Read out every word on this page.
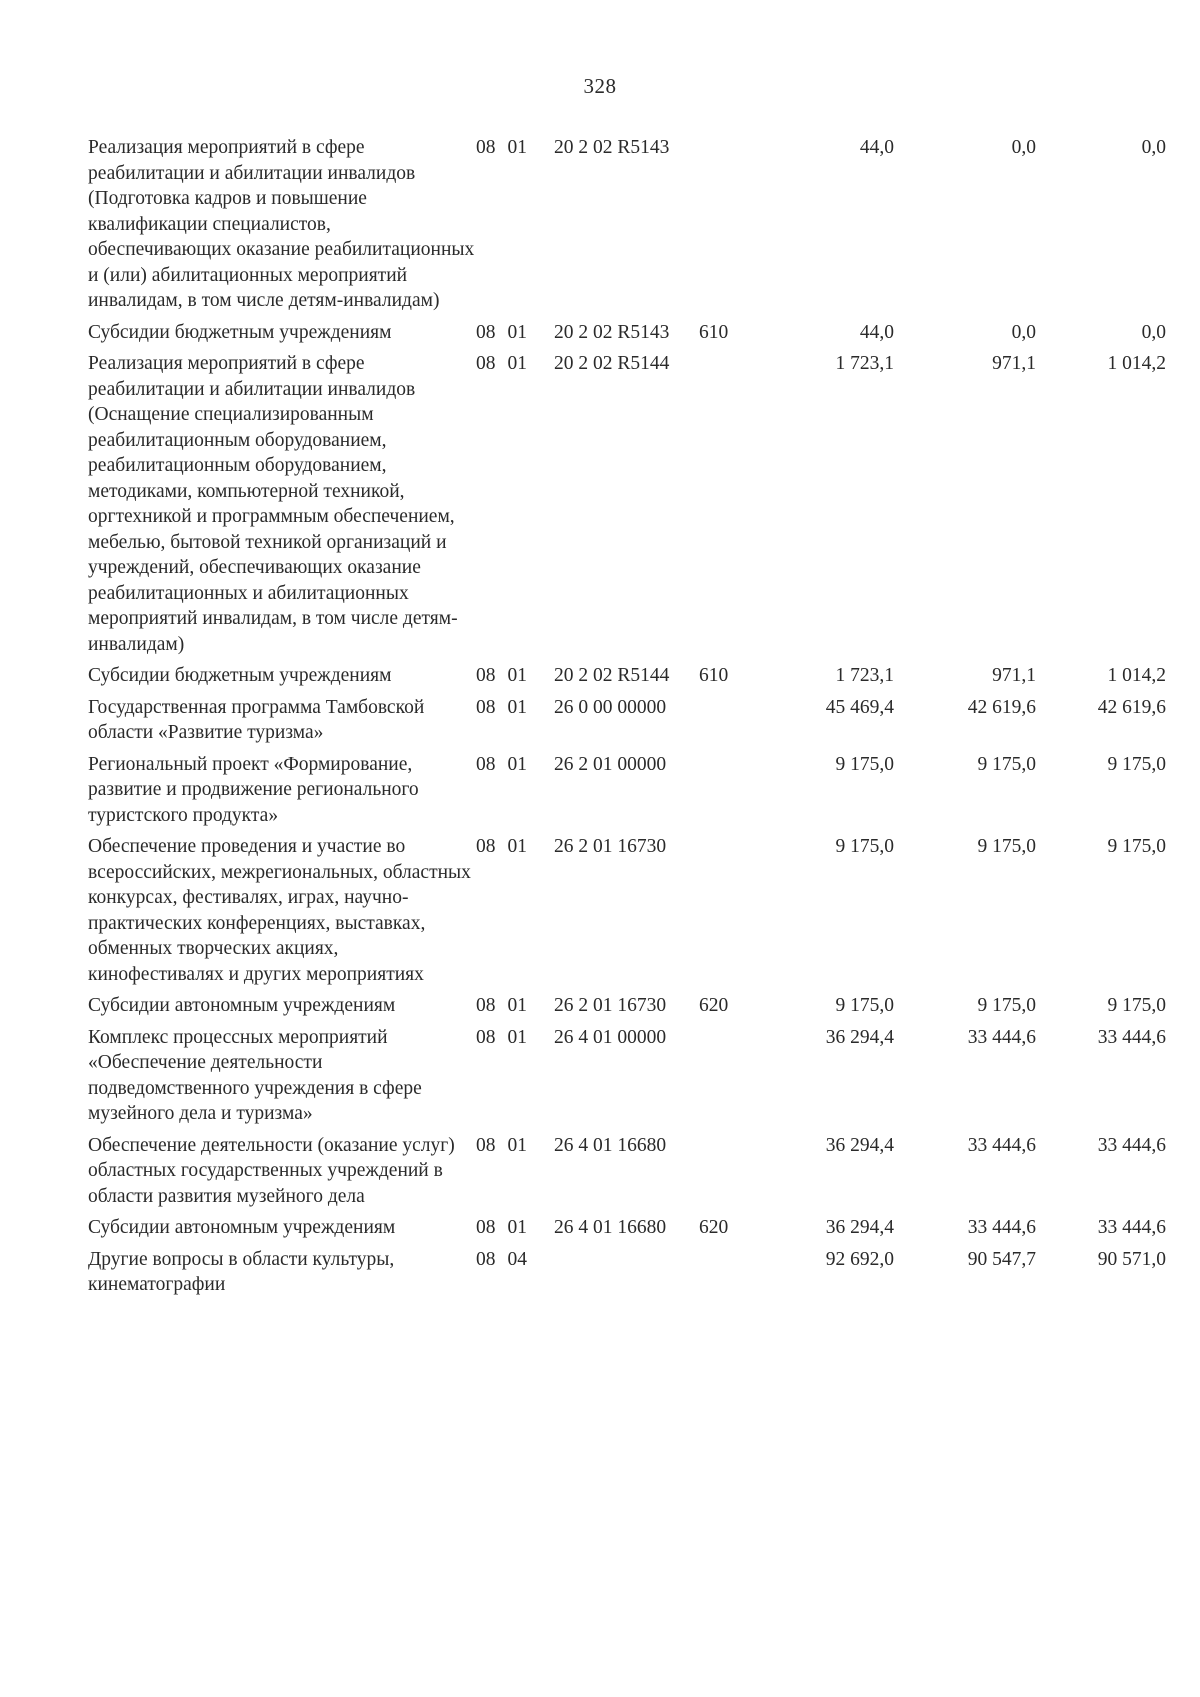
328
Реализация мероприятий в сфере реабилитации и абилитации инвалидов (Подготовка кадров и повышение квалификации специалистов, обеспечивающих оказание реабилитационных и (или) абилитационных мероприятий инвалидам, в том числе детям-инвалидам)	08 01	20 2 02 R5143		44,0	0,0	0,0
Субсидии бюджетным учреждениям	08 01	20 2 02 R5143	610	44,0	0,0	0,0
Реализация мероприятий в сфере реабилитации и абилитации инвалидов (Оснащение специализированным реабилитационным оборудованием, реабилитационным оборудованием, методиками, компьютерной техникой, оргтехникой и программным обеспечением, мебелью, бытовой техникой организаций и учреждений, обеспечивающих оказание реабилитационных и абилитационных мероприятий инвалидам, в том числе детям-инвалидам)	08 01	20 2 02 R5144		1 723,1	971,1	1 014,2
Субсидии бюджетным учреждениям	08 01	20 2 02 R5144	610	1 723,1	971,1	1 014,2
Государственная программа Тамбовской области «Развитие туризма»	08 01	26 0 00 00000		45 469,4	42 619,6	42 619,6
Региональный проект «Формирование, развитие и продвижение регионального туристского продукта»	08 01	26 2 01 00000		9 175,0	9 175,0	9 175,0
Обеспечение проведения и участие во всероссийских, межрегиональных, областных конкурсах, фестивалях, играх, научно-практических конференциях, выставках, обменных творческих акциях, кинофестивалях и других мероприятиях	08 01	26 2 01 16730		9 175,0	9 175,0	9 175,0
Субсидии автономным учреждениям	08 01	26 2 01 16730	620	9 175,0	9 175,0	9 175,0
Комплекс процессных мероприятий «Обеспечение деятельности подведомственного учреждения в сфере музейного дела и туризма»	08 01	26 4 01 00000		36 294,4	33 444,6	33 444,6
Обеспечение деятельности (оказание услуг) областных государственных учреждений в области развития музейного дела	08 01	26 4 01 16680		36 294,4	33 444,6	33 444,6
Субсидии автономным учреждениям	08 01	26 4 01 16680	620	36 294,4	33 444,6	33 444,6
Другие вопросы в области культуры, кинематографии	08 04			92 692,0	90 547,7	90 571,0
